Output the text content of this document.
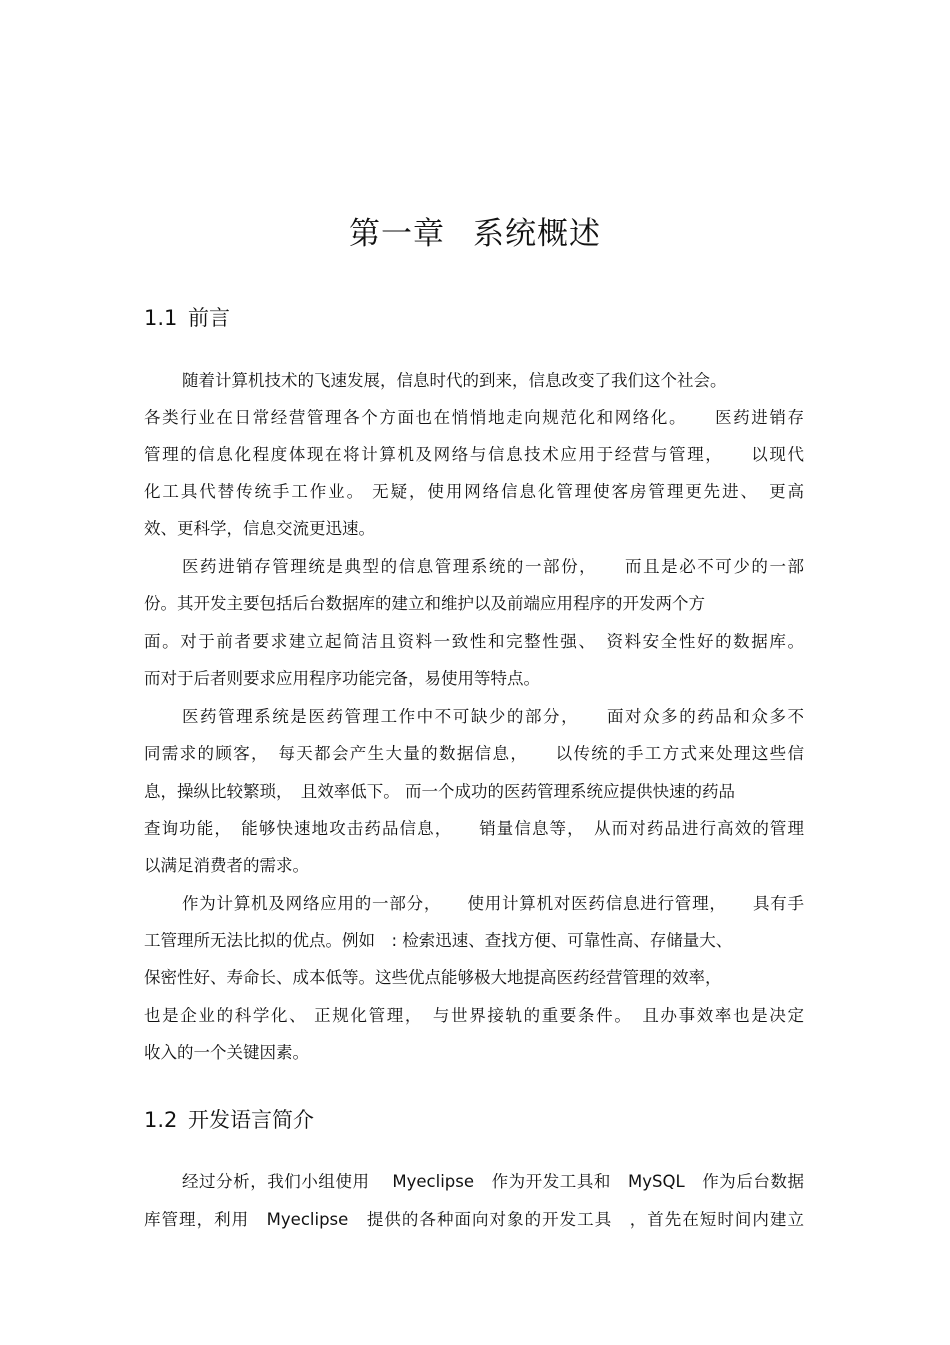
第一章 系统概述
1.1 前言
随着计算机技术的飞速发展，信息时代的到来，信息改变了我们这个社会。
各类行业在日常经营管理各个方面也在悄悄地走向规范化和网络化。　　医药进销存
管理的信息化程度体现在将计算机及网络与信息技术应用于经营与管理，　　以现代
化工具代替传统手工作业。 无疑，使用网络信息化管理使客房管理更先进、　更高
效、更科学，信息交流更迅速。
医药进销存管理统是典型的信息管理系统的一部份，　　而且是必不可少的一部
份。其开发主要包括后台数据库的建立和维护以及前端应用程序的开发两个方
面。对于前者要求建立起简洁且资料一致性和完整性强、　资料安全性好的数据库。
而对于后者则要求应用程序功能完备，易使用等特点。
医药管理系统是医药管理工作中不可缺少的部分，　　面对众多的药品和众多不
同需求的顾客，　每天都会产生大量的数据信息，　　以传统的手工方式来处理这些信
息，操纵比较繁琐，　且效率低下。 而一个成功的医药管理系统应提供快速的药品
查询功能，　能够快速地攻击药品信息，　　销量信息等，　从而对药品进行高效的管理
以满足消费者的需求。
作为计算机及网络应用的一部分，　　使用计算机对医药信息进行管理，　　具有手
工管理所无法比拟的优点。例如　: 检索迅速、查找方便、可靠性高、存储量大、
保密性好、寿命长、成本低等。这些优点能够极大地提高医药经营管理的效率，
也是企业的科学化、 正规化管理，　与世界接轨的重要条件。　且办事效率也是决定
收入的一个关键因素。
1.2 开发语言简介
经过分析，我们小组使用　 Myeclipse　作为开发工具和　MySQL　作为后台数据
库管理，利用　Myeclipse　提供的各种面向对象的开发工具　，首先在短时间内建立
